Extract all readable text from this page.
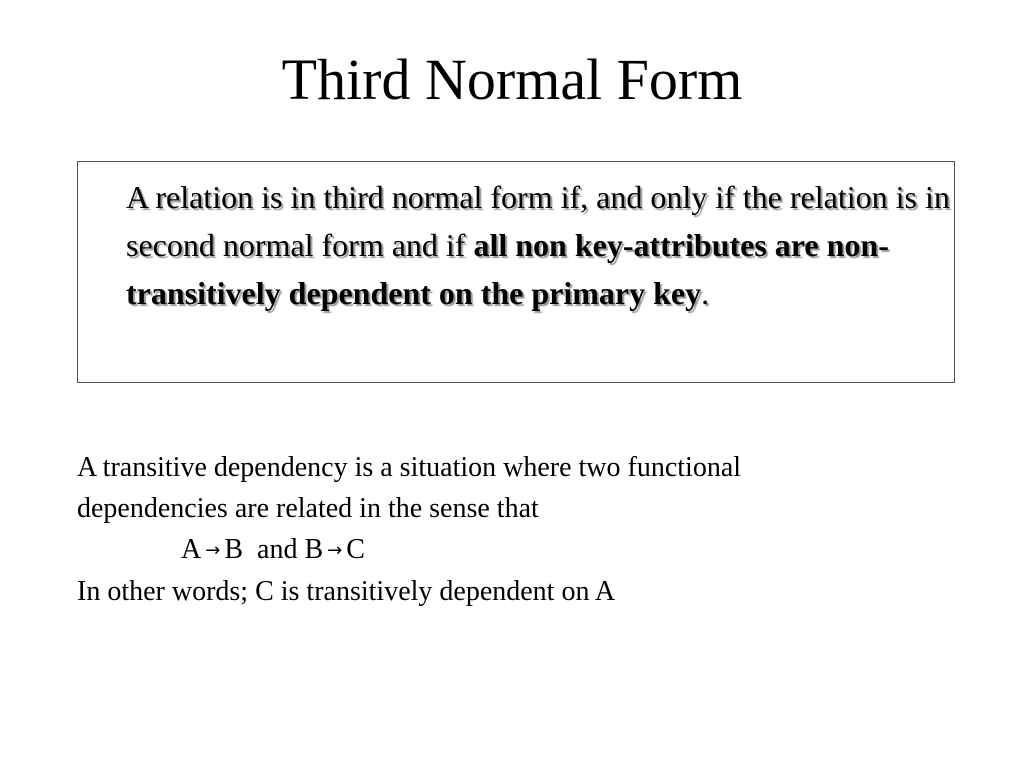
Third Normal Form
A relation is in third normal form if, and only if the relation is in second normal form and if all non key-attributes are non-transitively dependent on the primary key.
A transitive dependency is a situation where two functional
dependencies are related in the sense that
A → B and B → C
In other words; C is transitively dependent on A
